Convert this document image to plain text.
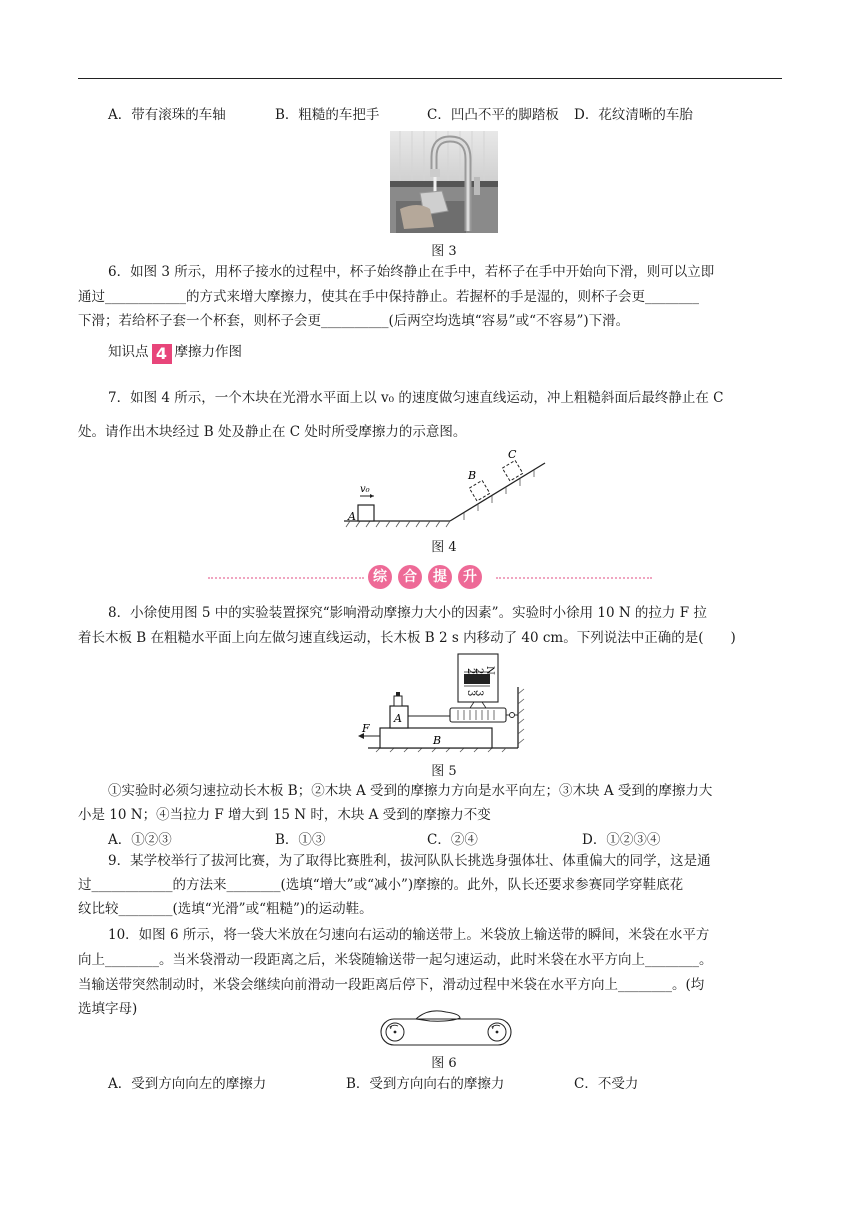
A．带有滚珠的车轴	B．粗糙的车把手	C．凹凸不平的脚踏板 D．花纹清晰的车胎
图 3
6．如图 3 所示，用杯子接水的过程中，杯子始终静止在手中，若杯子在手中开始向下滑，则可以立即
通过____________的方式来增大摩擦力，使其在手中保持静止。若握杯的手是湿的，则杯子会更________
下滑；若给杯子套一个杯套，则杯子会更__________(后两空均选填“容易”或“不容易”)下滑。
知识点 4 摩擦力作图
7．如图 4 所示，一个木块在光滑水平面上以 v₀ 的速度做匀速直线运动，冲上粗糙斜面后最终静止在 C
处。请作出木块经过 B 处及静止在 C 处时所受摩擦力的示意图。
A
v₀
B
C
图 4
综	合	提	升
8．小徐使用图 5 中的实验装置探究“影响滑动摩擦力大小的因素”。实验时小徐用 10 N 的拉力 F 拉
着长木板 B 在粗糙水平面上向左做匀速直线运动，长木板 B 2 s 内移动了 40 cm。下列说法中正确的是(　　)
2
2
3
3
N
A
B
F
图 5
①实验时必须匀速拉动长木板 B；②木块 A 受到的摩擦力方向是水平向左；③木块 A 受到的摩擦力大
小是 10 N；④当拉力 F 增大到 15 N 时，木块 A 受到的摩擦力不变
A．①②③	B．①③	C．②④	D．①②③④
9．某学校举行了拔河比赛，为了取得比赛胜利，拔河队队长挑选身强体壮、体重偏大的同学，这是通
过____________的方法来________(选填“增大”或“减小”)摩擦的。此外，队长还要求参赛同学穿鞋底花
纹比较________(选填“光滑”或“粗糙”)的运动鞋。
10．如图 6 所示，将一袋大米放在匀速向右运动的输送带上。米袋放上输送带的瞬间，米袋在水平方
向上________。当米袋滑动一段距离之后，米袋随输送带一起匀速运动，此时米袋在水平方向上________。
当输送带突然制动时，米袋会继续向前滑动一段距离后停下，滑动过程中米袋在水平方向上________。(均
选填字母)
图 6
A．受到方向向左的摩擦力	B．受到方向向右的摩擦力	C．不受力
